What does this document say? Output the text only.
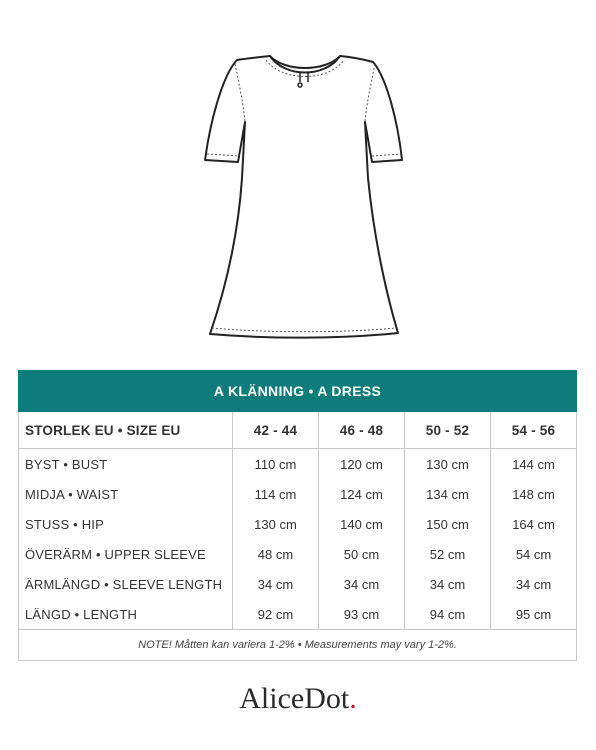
A KLÄNNING • A DRESS				
STORLEK EU • SIZE EU	42 - 44	46 - 48	50 - 52	54 - 56
BYST • BUST	110 cm	120 cm	130 cm	144 cm
MIDJA • WAIST	114 cm	124 cm	134 cm	148 cm
STUSS • HIP	130 cm	140 cm	150 cm	164 cm
ÖVERÄRM • UPPER SLEEVE	48 cm	50 cm	52 cm	54 cm
ÄRMLÄNGD • SLEEVE LENGTH	34 cm	34 cm	34 cm	34 cm
LÄNGD • LENGTH	92 cm	93 cm	94 cm	95 cm
NOTE! Måtten kan variera 1-2% • Measurements may vary 1-2%.				
AliceDot.
